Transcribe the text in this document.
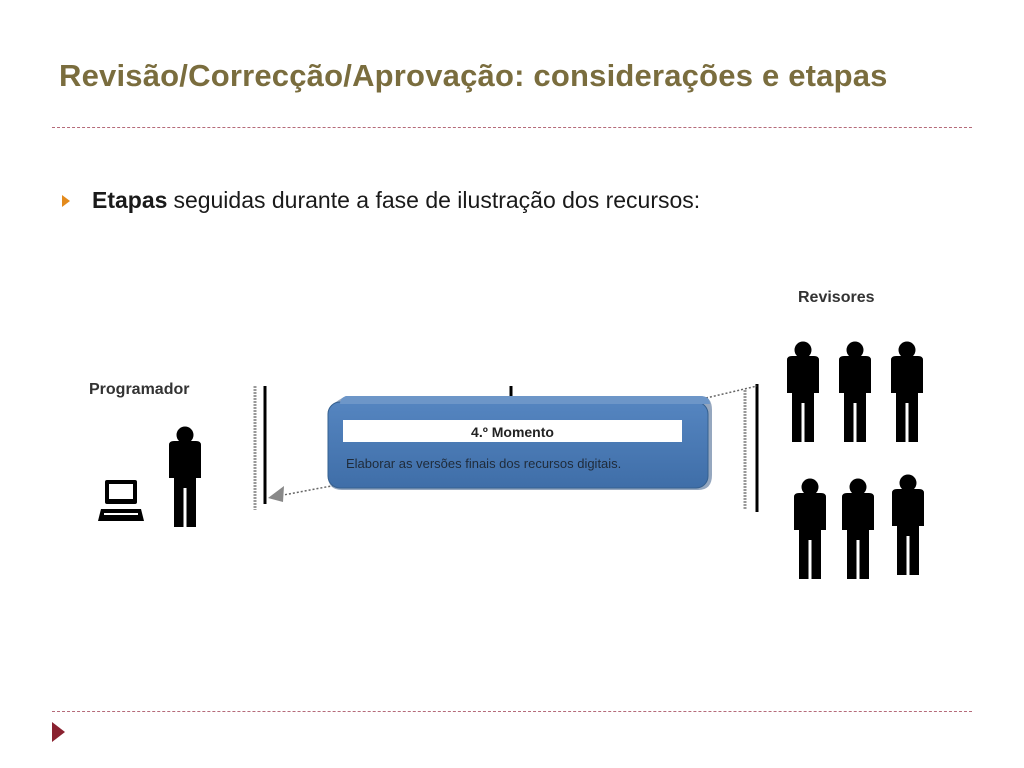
Revisão/Correcção/Aprovação: considerações e etapas
Etapas seguidas durante a fase de ilustração dos recursos:
Programador
Revisores
4.º Momento
Elaborar as versões finais dos recursos digitais.
